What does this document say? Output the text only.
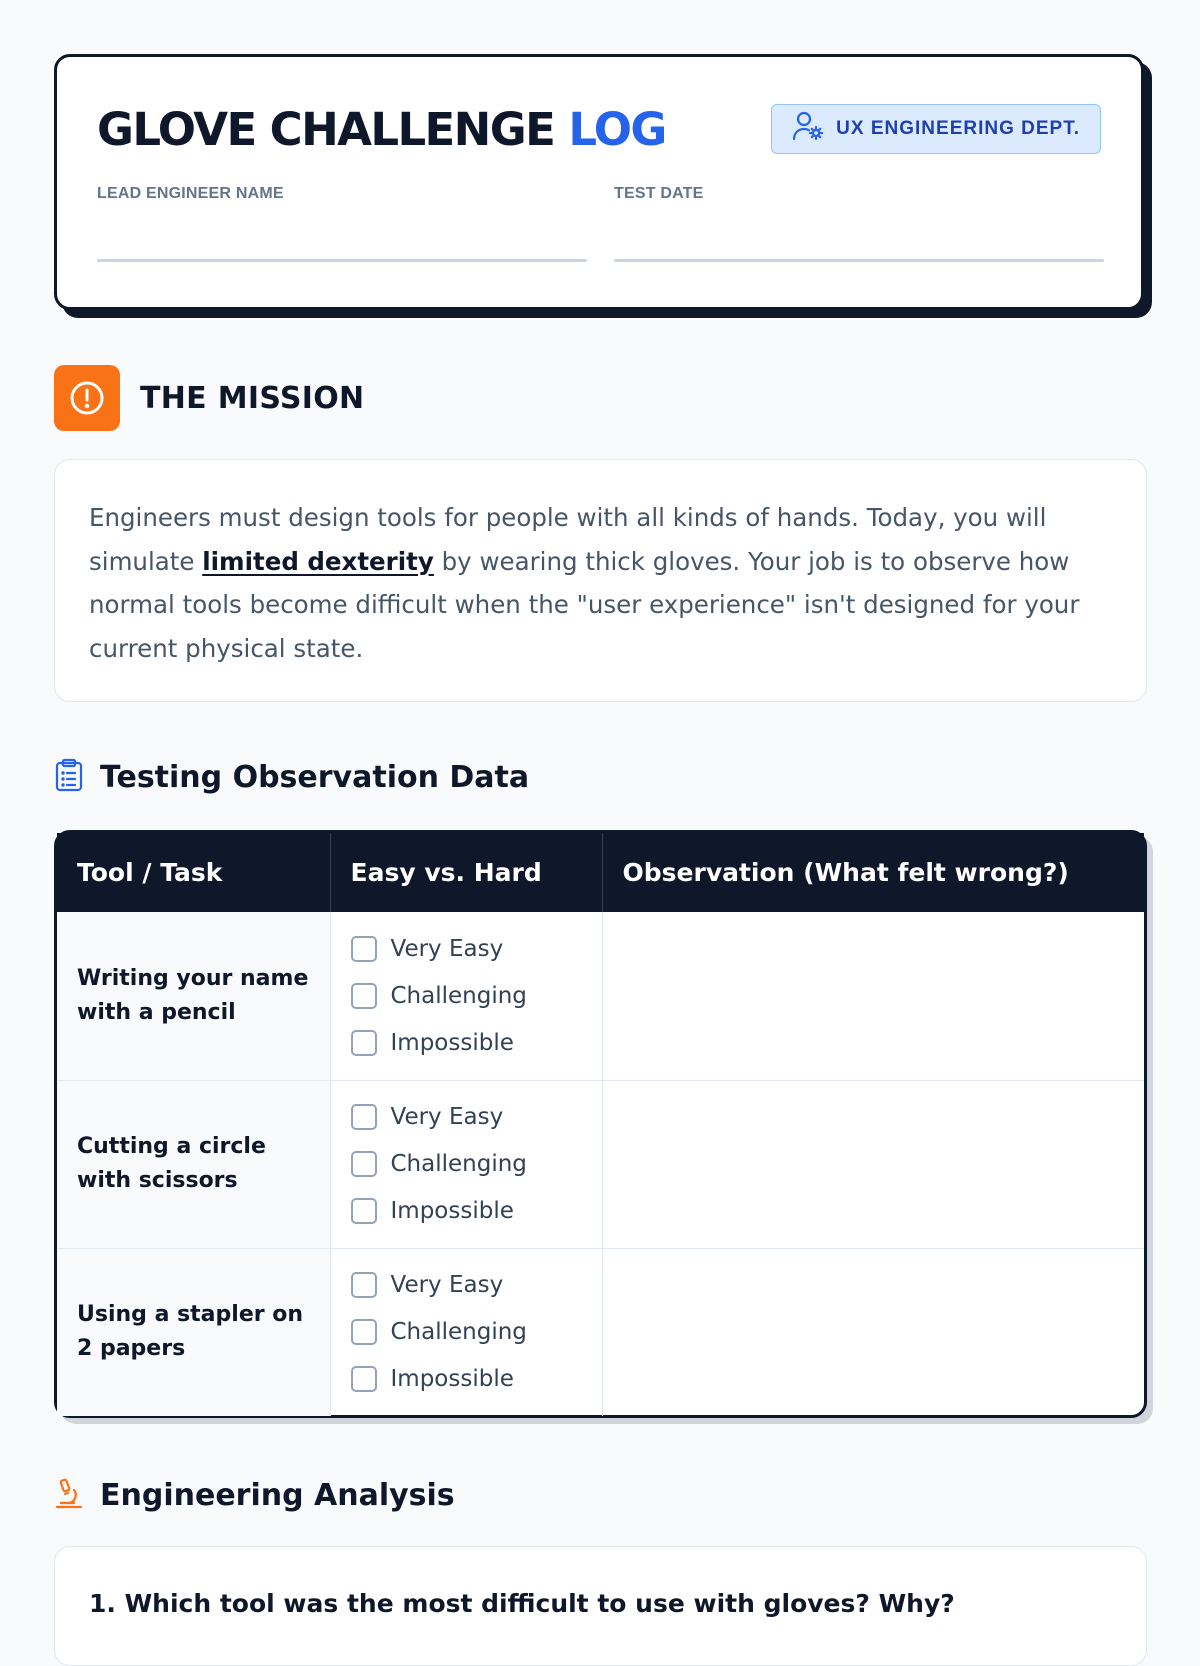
GLOVE CHALLENGE LOG	UX ENGINEERING DEPT.
LEAD ENGINEER NAME	TEST DATE
THE MISSION

Engineers must design tools for people with all kinds of hands. Today, you will simulate limited dexterity by wearing thick gloves. Your job is to observe how normal tools become difficult when the "user experience" isn't designed for your current physical state.

Testing Observation Data
Tool / Task	Easy vs. Hard	Observation (What felt wrong?)

Writing your name with a pencil	Very Easy
Challenging
Impossible	

Cutting a circle with scissors	Very Easy
Challenging
Impossible	

Using a stapler on 2 papers	Very Easy
Challenging
Impossible	

Engineering Analysis
1. Which tool was the most difficult to use with gloves? Why?
